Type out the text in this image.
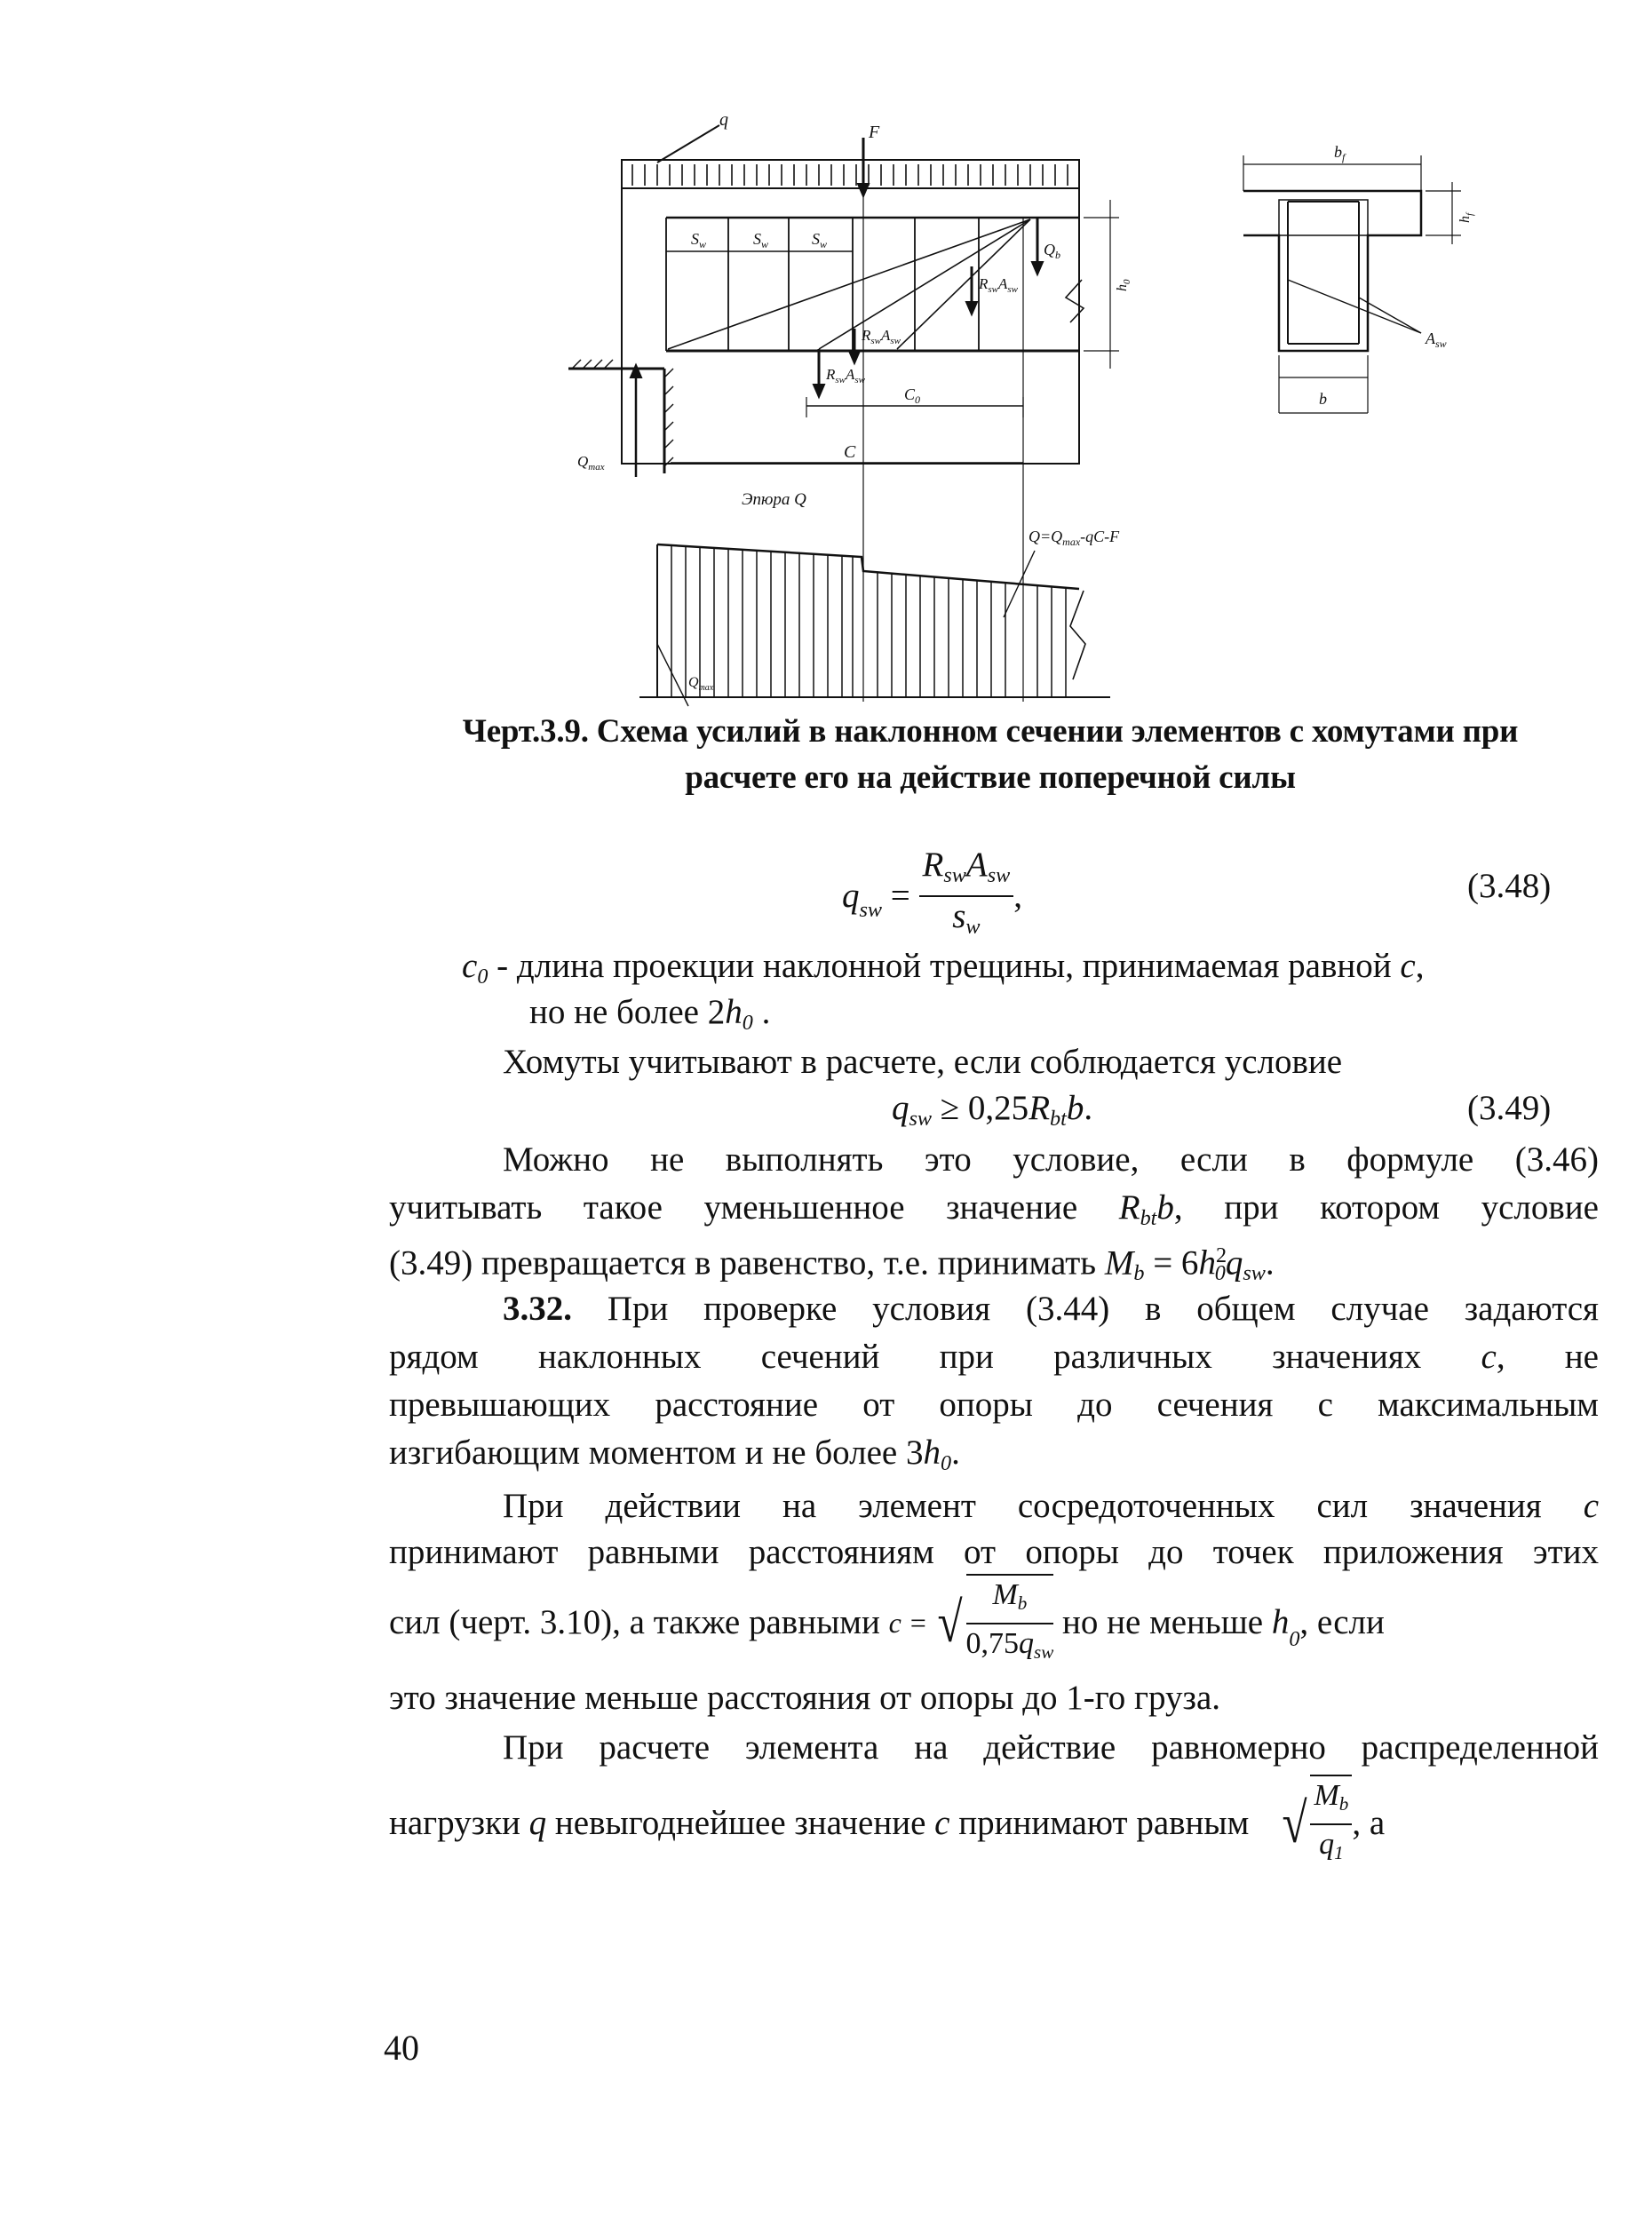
q
F
$S_w$	$S_w$	$S_w$	$Q_b$
$R_{sw}A_{sw}$
$R_{sw}A_{sw}$
$R_{sw}A_{sw}$
$h_0$
$C_0$
C
$Q_{max}$
Эпюра Q
$Q=Q_{max}-qC-F$
$Q_{max}$
$b_f$
$h_f$
b
$A_{sw}$
Черт.3.9. Схема усилий в наклонном сечении элементов с хомутами при
расчете его на действие поперечной силы
$q_{sw} = \frac{R_{sw}A_{sw}}{s_w}$ ,	(3.48)
$c_0$ - длина проекции наклонной трещины, принимаемая равной c,
но не более $2h_0$ .
Хомуты учитывают в расчете, если соблюдается условие
$q_{sw} \ge 0,25R_{bt}b$.	(3.49)
Можно не выполнять это условие, если в формуле (3.46)
учитывать такое уменьшенное значение $R_{bt}b$, при котором условие
(3.49) превращается в равенство, т.е. принимать $M_b = 6h^2_0q_{sw}$.
3.32. При проверке условия (3.44) в общем случае задаются
рядом наклонных сечений при различных значениях c, не
превышающих расстояние от опоры до сечения с максимальным
изгибающим моментом и не более $3h_0$.
При действии на элемент сосредоточенных сил значения c
принимают равными расстояниям от опоры до точек приложения этих
сил (черт. 3.10), а также равными c = √ $\frac{M_b}{0,75q_{sw}}$ но не меньше $h_0$, если
это значение меньше расстояния от опоры до 1-го груза.
При расчете элемента на действие равномерно распределенной
нагрузки q невыгоднейшее значение c принимают равным √ $\frac{M_b}{q_1}$ , а
40
